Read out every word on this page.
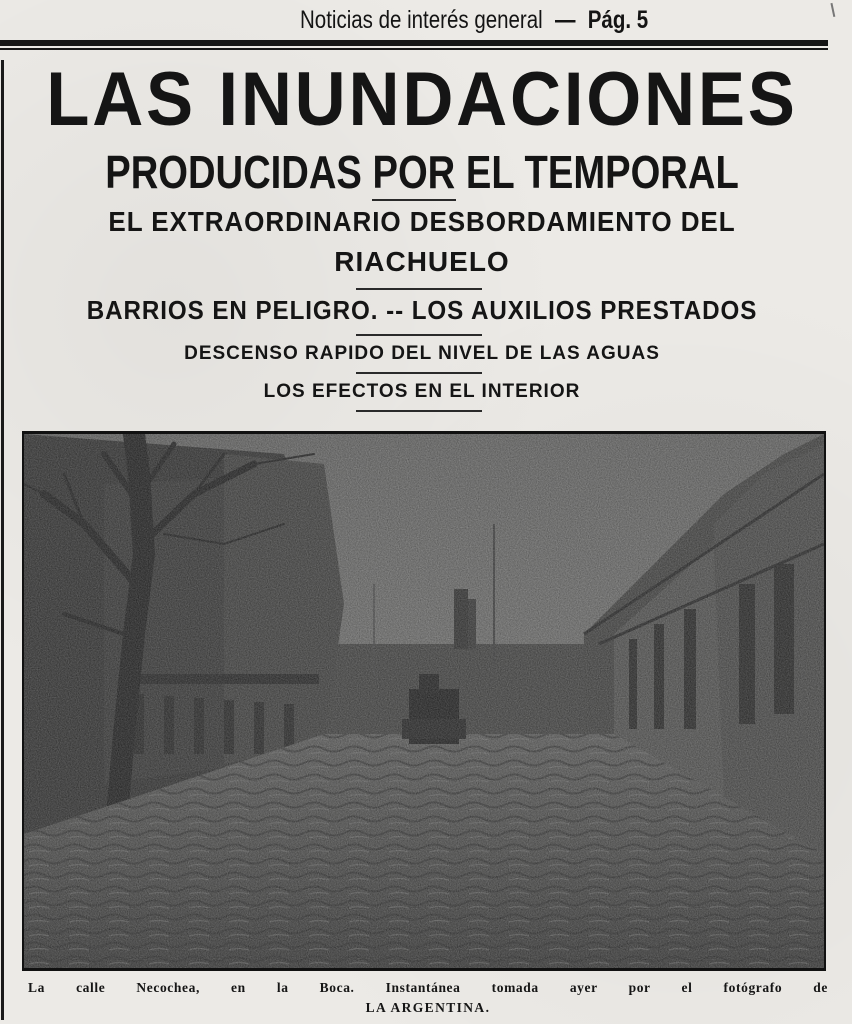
Noticias de interés general — Pág. 5
LAS INUNDACIONES
PRODUCIDAS POR EL TEMPORAL
EL EXTRAORDINARIO DESBORDAMIENTO DEL
RIACHUELO
BARRIOS EN PELIGRO. -- LOS AUXILIOS PRESTADOS
DESCENSO RAPIDO DEL NIVEL DE LAS AGUAS
LOS EFECTOS EN EL INTERIOR
La calle Necochea, en la Boca. Instantánea tomada ayer por el fotógrafo de
LA ARGENTINA.
